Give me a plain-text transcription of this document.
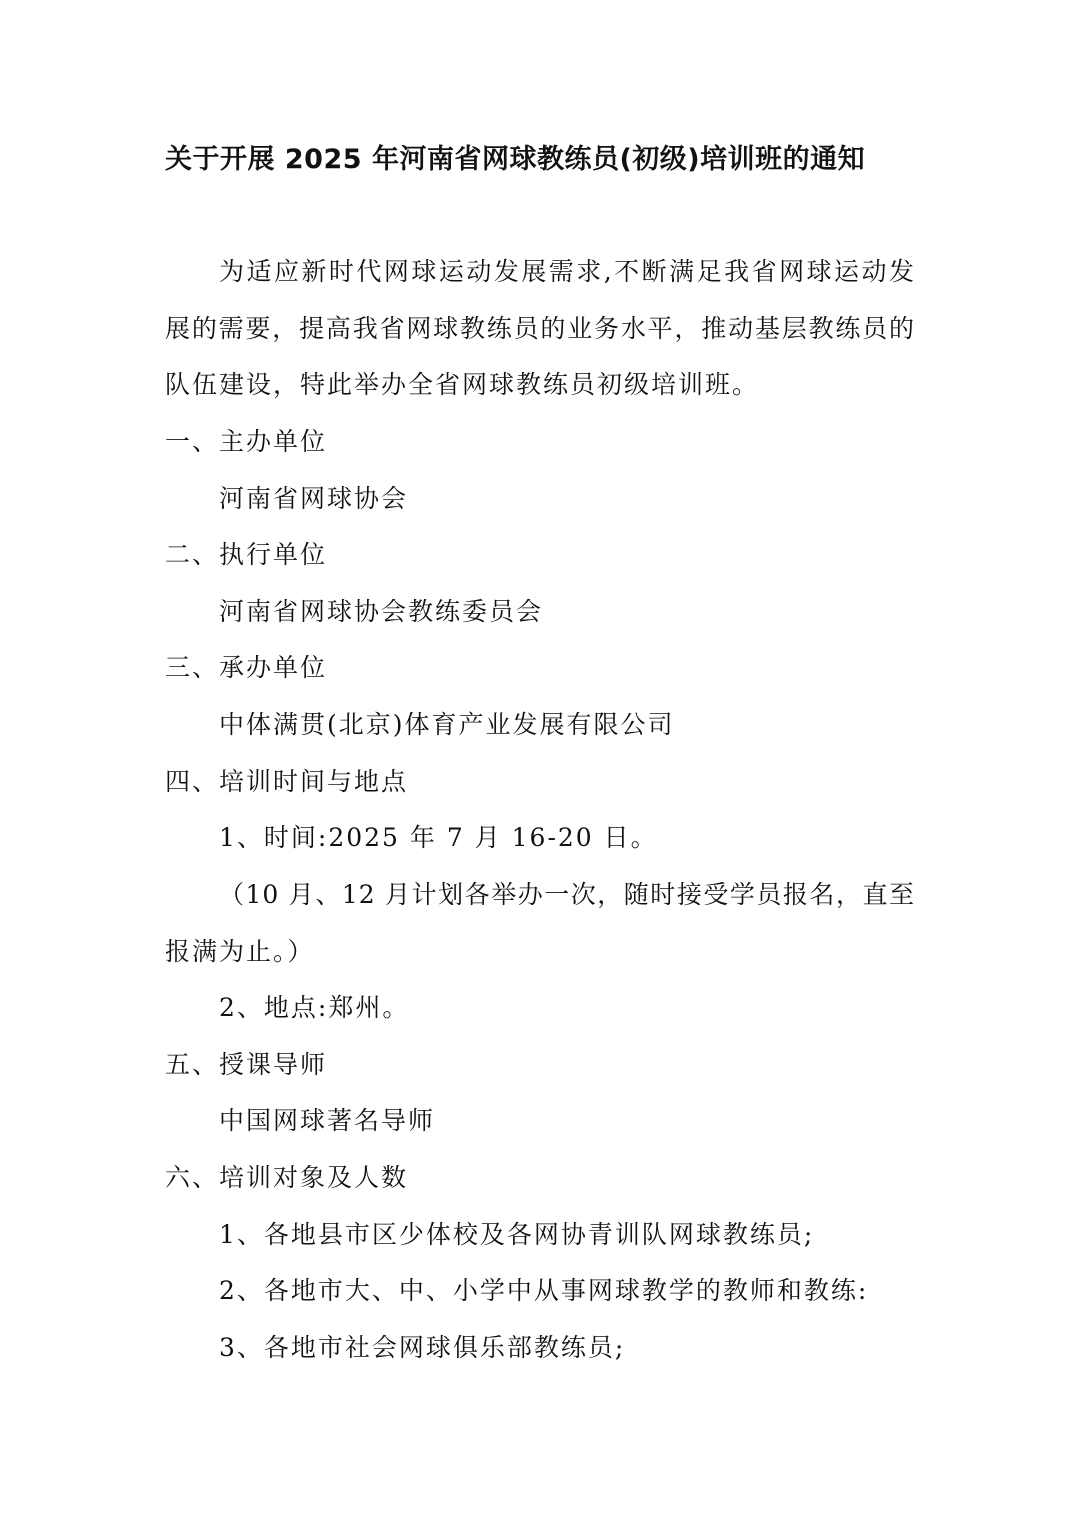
关于开展 2025 年河南省网球教练员(初级)培训班的通知
为适应新时代网球运动发展需求,不断满足我省网球运动发
展的需要，提高我省网球教练员的业务水平，推动基层教练员的
队伍建设，特此举办全省网球教练员初级培训班。
一、主办单位
河南省网球协会
二、执行单位
河南省网球协会教练委员会
三、承办单位
中体满贯(北京)体育产业发展有限公司
四、培训时间与地点
1、时间:2025 年 7 月 16-20 日。
（10 月、12 月计划各举办一次，随时接受学员报名，直至
报满为止。）
2、地点:郑州。
五、授课导师
中国网球著名导师
六、培训对象及人数
1、各地县市区少体校及各网协青训队网球教练员;
2、各地市大、中、小学中从事网球教学的教师和教练:
3、各地市社会网球俱乐部教练员;
